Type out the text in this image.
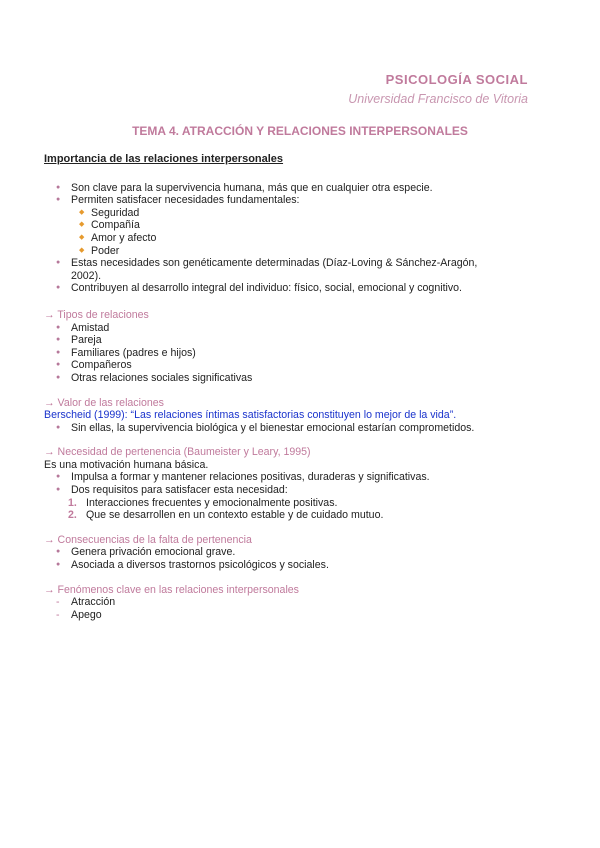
PSICOLOGÍA SOCIAL
Universidad Francisco de Vitoria
TEMA 4. ATRACCIÓN Y RELACIONES INTERPERSONALES
Importancia de las relaciones interpersonales
● Son clave para la supervivencia humana, más que en cualquier otra especie.
● Permiten satisfacer necesidades fundamentales:
◆ Seguridad
◆ Compañía
◆ Amor y afecto
◆ Poder
● Estas necesidades son genéticamente determinadas (Díaz-Loving & Sánchez-Aragón,
2002).
● Contribuyen al desarrollo integral del individuo: físico, social, emocional y cognitivo.
→ Tipos de relaciones
● Amistad
● Pareja
● Familiares (padres e hijos)
● Compañeros
● Otras relaciones sociales significativas
→ Valor de las relaciones
Berscheid (1999): “Las relaciones íntimas satisfactorias constituyen lo mejor de la vida”.
● Sin ellas, la supervivencia biológica y el bienestar emocional estarían comprometidos.
→ Necesidad de pertenencia (Baumeister y Leary, 1995)
Es una motivación humana básica.
● Impulsa a formar y mantener relaciones positivas, duraderas y significativas.
● Dos requisitos para satisfacer esta necesidad:
1. Interacciones frecuentes y emocionalmente positivas.
2. Que se desarrollen en un contexto estable y de cuidado mutuo.
→ Consecuencias de la falta de pertenencia
● Genera privación emocional grave.
● Asociada a diversos trastornos psicológicos y sociales.
→ Fenómenos clave en las relaciones interpersonales
- Atracción
- Apego
